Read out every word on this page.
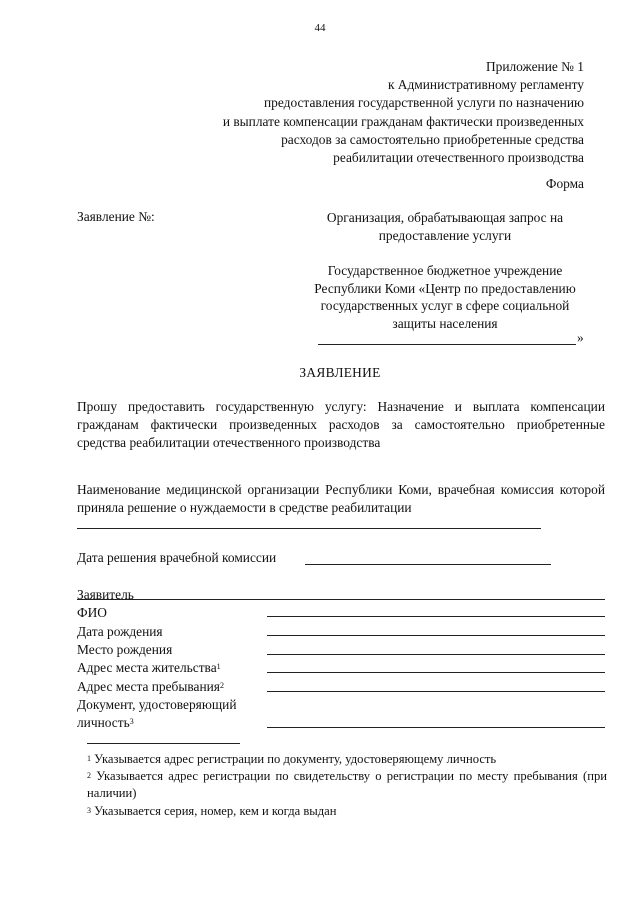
44
Приложение № 1
к Административному регламенту
предоставления государственной услуги по назначению
и выплате компенсации гражданам фактически произведенных
расходов за самостоятельно приобретенные средства
реабилитации отечественного производства
Форма
Заявление №:	Организация, обрабатывающая запрос на
предоставление услуги
Государственное бюджетное учреждение
Республики Коми «Центр по предоставлению
государственных услуг в сфере социальной
защиты населения
»
ЗАЯВЛЕНИЕ
Прошу предоставить государственную услугу: Назначение и выплата компенсации гражданам фактически произведенных расходов за самостоятельно приобретенные средства реабилитации отечественного производства
Наименование медицинской организации Республики Коми, врачебная комиссия которой приняла решение о нуждаемости в средстве реабилитации
Дата решения врачебной комиссии
Заявитель
ФИО
Дата рождения
Место рождения
Адрес места жительства$^1$
Адрес места пребывания$^2$
Документ, удостоверяющий
личность$^3$
$^1$ Указывается адрес регистрации по документу, удостоверяющему личность
$^2$ Указывается адрес регистрации по свидетельству о регистрации по месту пребывания (при наличии)
$^3$ Указывается серия, номер, кем и когда выдан
